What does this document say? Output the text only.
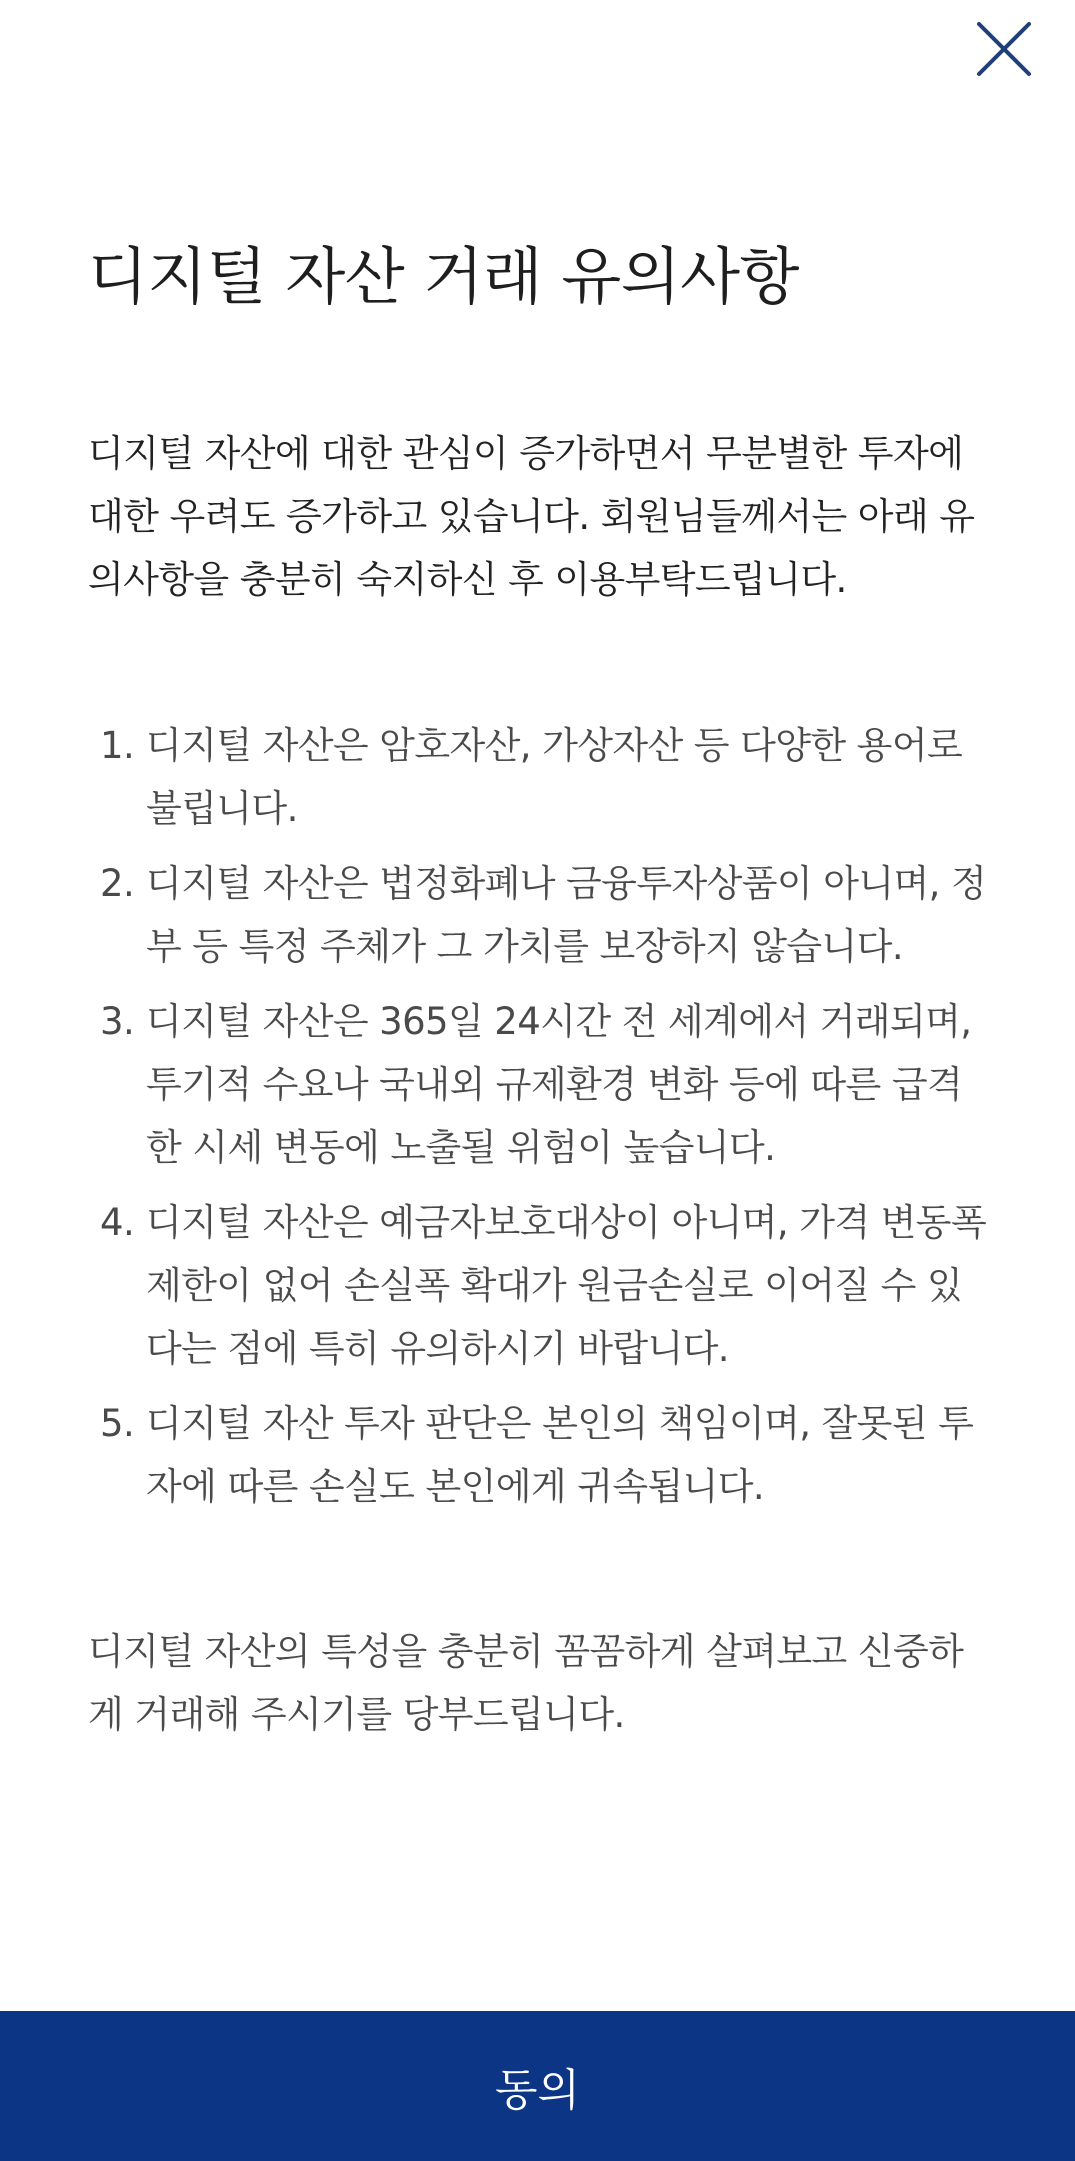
디지털 자산 거래 유의사항

디지털 자산에 대한 관심이 증가하면서 무분별한 투자에 대한 우려도 증가하고 있습니다. 회원님들께서는 아래 유의사항을 충분히 숙지하신 후 이용부탁드립니다.

1. 디지털 자산은 암호자산, 가상자산 등 다양한 용어로 불립니다.
2. 디지털 자산은 법정화폐나 금융투자상품이 아니며, 정부 등 특정 주체가 그 가치를 보장하지 않습니다.
3. 디지털 자산은 365일 24시간 전 세계에서 거래되며, 투기적 수요나 국내외 규제환경 변화 등에 따른 급격한 시세 변동에 노출될 위험이 높습니다.
4. 디지털 자산은 예금자보호대상이 아니며, 가격 변동폭 제한이 없어 손실폭 확대가 원금손실로 이어질 수 있다는 점에 특히 유의하시기 바랍니다.
5. 디지털 자산 투자 판단은 본인의 책임이며, 잘못된 투자에 따른 손실도 본인에게 귀속됩니다.

디지털 자산의 특성을 충분히 꼼꼼하게 살펴보고 신중하게 거래해 주시기를 당부드립니다.

동의
